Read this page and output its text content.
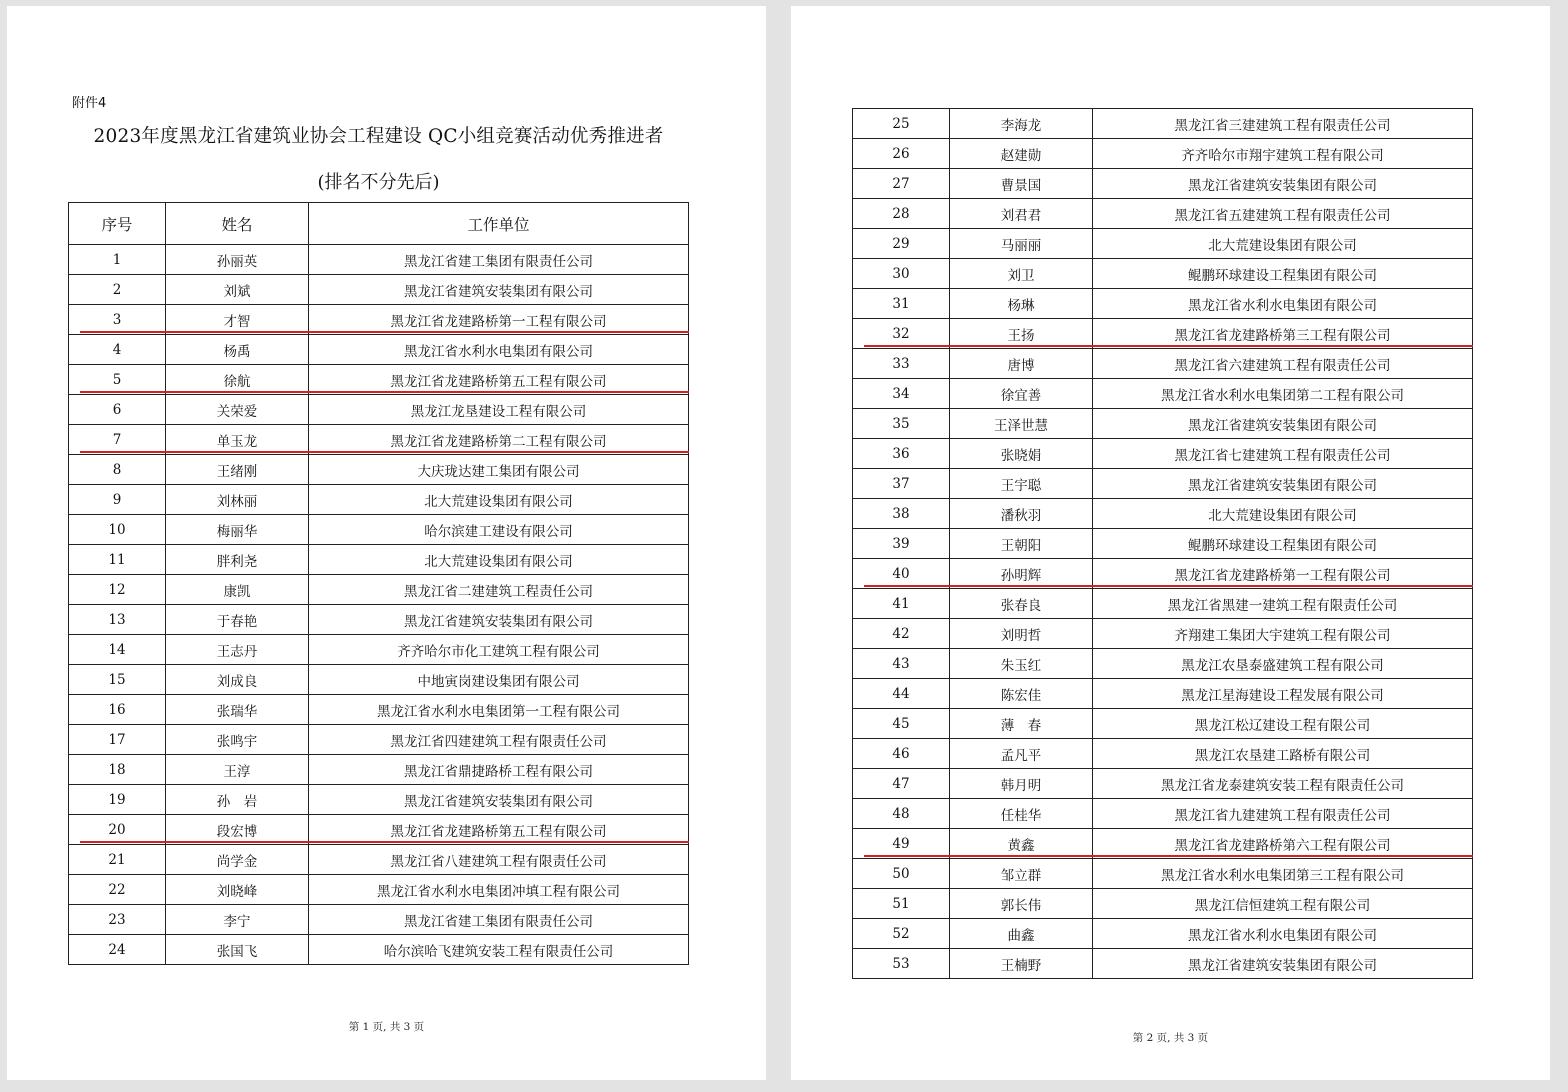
附件4
2023年度黑龙江省建筑业协会工程建设 QC小组竞赛活动优秀推进者
(排名不分先后)
序号	姓名	工作单位
1	孙丽英	黑龙江省建工集团有限责任公司
2	刘斌	黑龙江省建筑安装集团有限公司
3	才智	黑龙江省龙建路桥第一工程有限公司
4	杨禹	黑龙江省水利水电集团有限公司
5	徐航	黑龙江省龙建路桥第五工程有限公司
6	关荣爱	黑龙江龙垦建设工程有限公司
7	单玉龙	黑龙江省龙建路桥第二工程有限公司
8	王绪刚	大庆珑达建工集团有限公司
9	刘林丽	北大荒建设集团有限公司
10	梅丽华	哈尔滨建工建设有限公司
11	胖利尧	北大荒建设集团有限公司
12	康凯	黑龙江省二建建筑工程责任公司
13	于春艳	黑龙江省建筑安装集团有限公司
14	王志丹	齐齐哈尔市化工建筑工程有限公司
15	刘成良	中地寅岗建设集团有限公司
16	张瑞华	黑龙江省水利水电集团第一工程有限公司
17	张鸣宇	黑龙江省四建建筑工程有限责任公司
18	王淳	黑龙江省鼎捷路桥工程有限公司
19	孙　岩	黑龙江省建筑安装集团有限公司
20	段宏博	黑龙江省龙建路桥第五工程有限公司
21	尚学金	黑龙江省八建建筑工程有限责任公司
22	刘晓峰	黑龙江省水利水电集团冲填工程有限公司
23	李宁	黑龙江省建工集团有限责任公司
24	张国飞	哈尔滨哈飞建筑安装工程有限责任公司
25	李海龙	黑龙江省三建建筑工程有限责任公司
26	赵建勋	齐齐哈尔市翔宇建筑工程有限公司
27	曹景国	黑龙江省建筑安装集团有限公司
28	刘君君	黑龙江省五建建筑工程有限责任公司
29	马丽丽	北大荒建设集团有限公司
30	刘卫	鲲鹏环球建设工程集团有限公司
31	杨琳	黑龙江省水利水电集团有限公司
32	王扬	黑龙江省龙建路桥第三工程有限公司
33	唐博	黑龙江省六建建筑工程有限责任公司
34	徐宜善	黑龙江省水利水电集团第二工程有限公司
35	王泽世慧	黑龙江省建筑安装集团有限公司
36	张晓娟	黑龙江省七建建筑工程有限责任公司
37	王宇聪	黑龙江省建筑安装集团有限公司
38	潘秋羽	北大荒建设集团有限公司
39	王朝阳	鲲鹏环球建设工程集团有限公司
40	孙明辉	黑龙江省龙建路桥第一工程有限公司
41	张春良	黑龙江省黑建一建筑工程有限责任公司
42	刘明哲	齐翔建工集团大宇建筑工程有限公司
43	朱玉红	黑龙江农垦泰盛建筑工程有限公司
44	陈宏佳	黑龙江星海建设工程发展有限公司
45	薄　春	黑龙江松辽建设工程有限公司
46	孟凡平	黑龙江农垦建工路桥有限公司
47	韩月明	黑龙江省龙泰建筑安装工程有限责任公司
48	任桂华	黑龙江省九建建筑工程有限责任公司
49	黄鑫	黑龙江省龙建路桥第六工程有限公司
50	邹立群	黑龙江省水利水电集团第三工程有限公司
51	郭长伟	黑龙江信恒建筑工程有限公司
52	曲鑫	黑龙江省水利水电集团有限公司
53	王楠野	黑龙江省建筑安装集团有限公司
第 1 页, 共 3 页
第 2 页, 共 3 页
